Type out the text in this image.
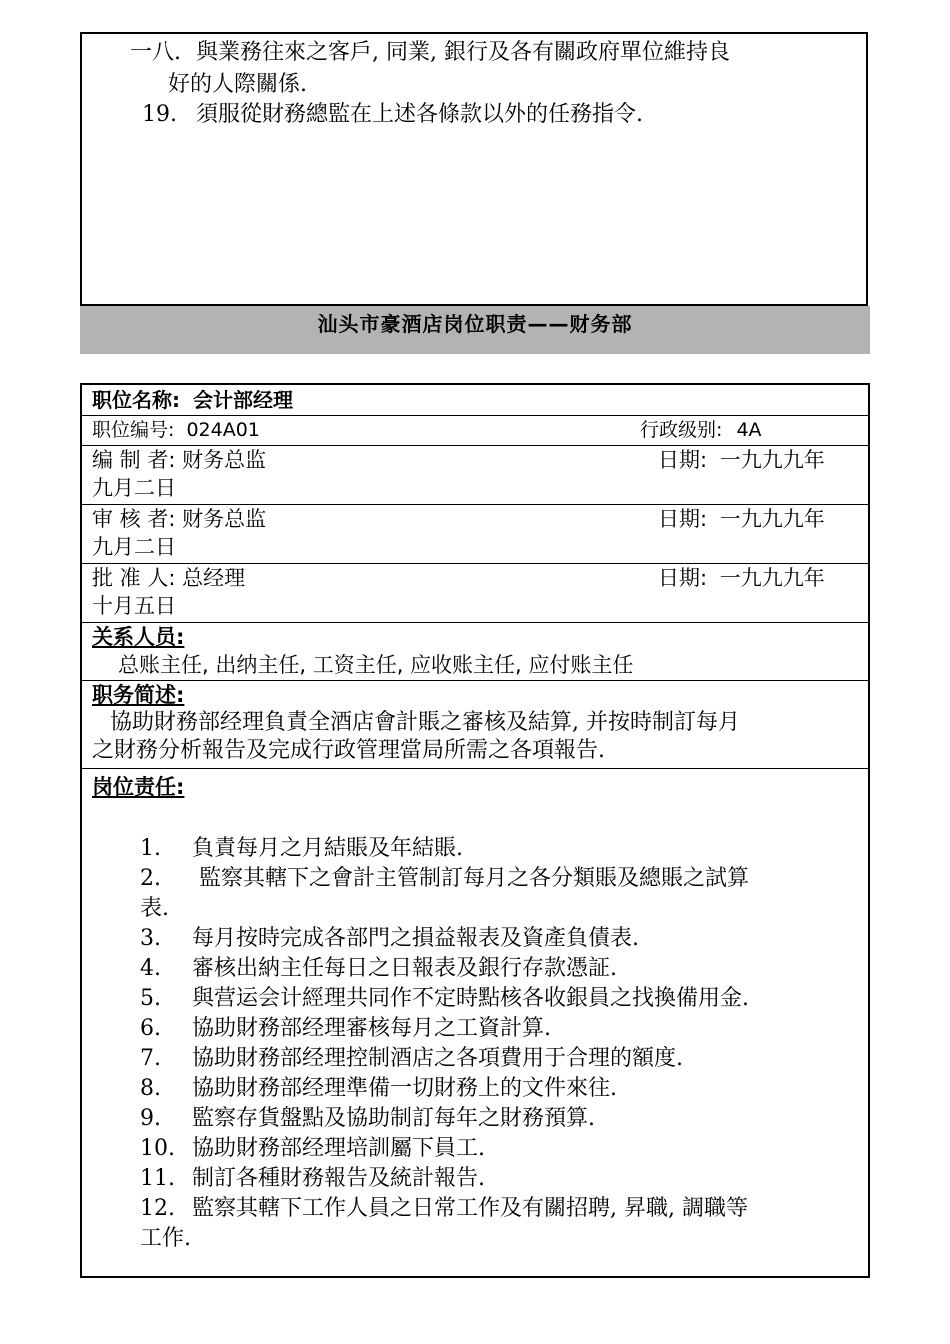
一八. 與業務往來之客戶, 同業, 銀行及各有關政府單位維持良
好的人際關係.
19. 須服從財務總監在上述各條款以外的任務指令.
汕头市豪酒店岗位职责——财务部
职位名称: 会计部经理
职位编号: 024A01	行政级别: 4A

编 制 者: 财务总监	日期: 一九九九年
九月二日

审 核 者: 财务总监	日期: 一九九九年
九月二日

批 准 人: 总经理	日期: 一九九九年
十月五日

关系人员:
总账主任, 出纳主任, 工资主任, 应收账主任, 应付账主任

职务简述:
協助財務部经理負責全酒店會計賬之審核及結算, 并按時制訂每月
之財務分析報告及完成行政管理當局所需之各項報告.

岗位责任:
1. 負責每月之月結賬及年結賬.
2. 監察其轄下之會計主管制訂每月之各分類賬及總賬之試算
表.
3. 每月按時完成各部門之損益報表及資產負債表.
4. 審核出納主任每日之日報表及銀行存款憑証.
5. 與营运会计經理共同作不定時點核各收銀員之找換備用金.
6. 協助財務部经理審核每月之工資計算.
7. 協助財務部经理控制酒店之各項費用于合理的額度.
8. 協助財務部经理準備一切財務上的文件來往.
9. 監察存貨盤點及協助制訂每年之財務預算.
10. 協助財務部经理培訓屬下員工.
11. 制訂各種財務報告及統計報告.
12. 監察其轄下工作人員之日常工作及有關招聘, 昇職, 調職等
工作.
